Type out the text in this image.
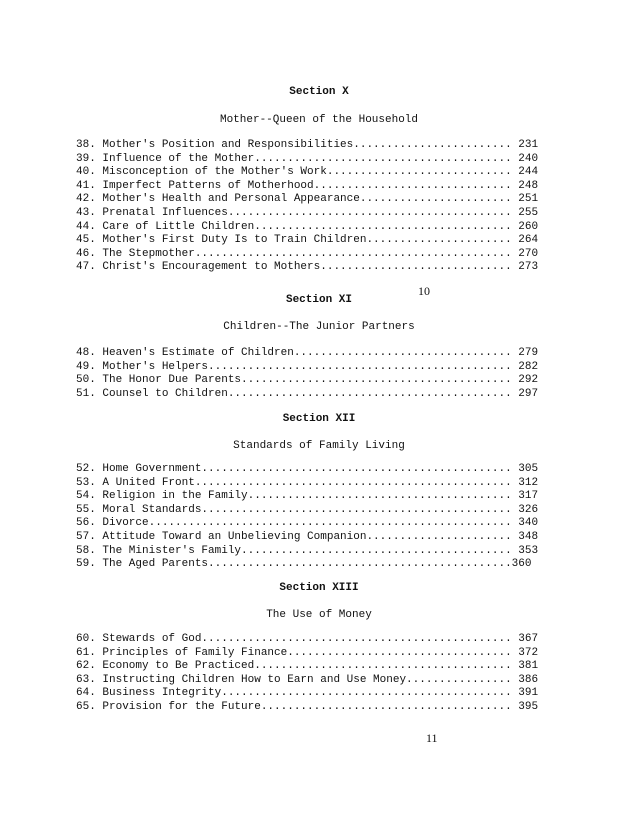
Section X
Mother--Queen of the Household
38. Mother's Position and Responsibilities........................ 231
39. Influence of the Mother....................................... 240
40. Misconception of the Mother's Work............................ 244
41. Imperfect Patterns of Motherhood.............................. 248
42. Mother's Health and Personal Appearance....................... 251
43. Prenatal Influences........................................... 255
44. Care of Little Children....................................... 260
45. Mother's First Duty Is to Train Children...................... 264
46. The Stepmother................................................ 270
47. Christ's Encouragement to Mothers............................. 273
10
Section XI
Children--The Junior Partners
48. Heaven's Estimate of Children................................. 279
49. Mother's Helpers.............................................. 282
50. The Honor Due Parents......................................... 292
51. Counsel to Children........................................... 297
Section XII
Standards of Family Living
52. Home Government............................................... 305
53. A United Front................................................ 312
54. Religion in the Family........................................ 317
55. Moral Standards............................................... 326
56. Divorce....................................................... 340
57. Attitude Toward an Unbelieving Companion...................... 348
58. The Minister's Family......................................... 353
59. The Aged Parents..............................................360
Section XIII
The Use of Money
60. Stewards of God............................................... 367
61. Principles of Family Finance.................................. 372
62. Economy to Be Practiced....................................... 381
63. Instructing Children How to Earn and Use Money................ 386
64. Business Integrity............................................ 391
65. Provision for the Future...................................... 395
11
